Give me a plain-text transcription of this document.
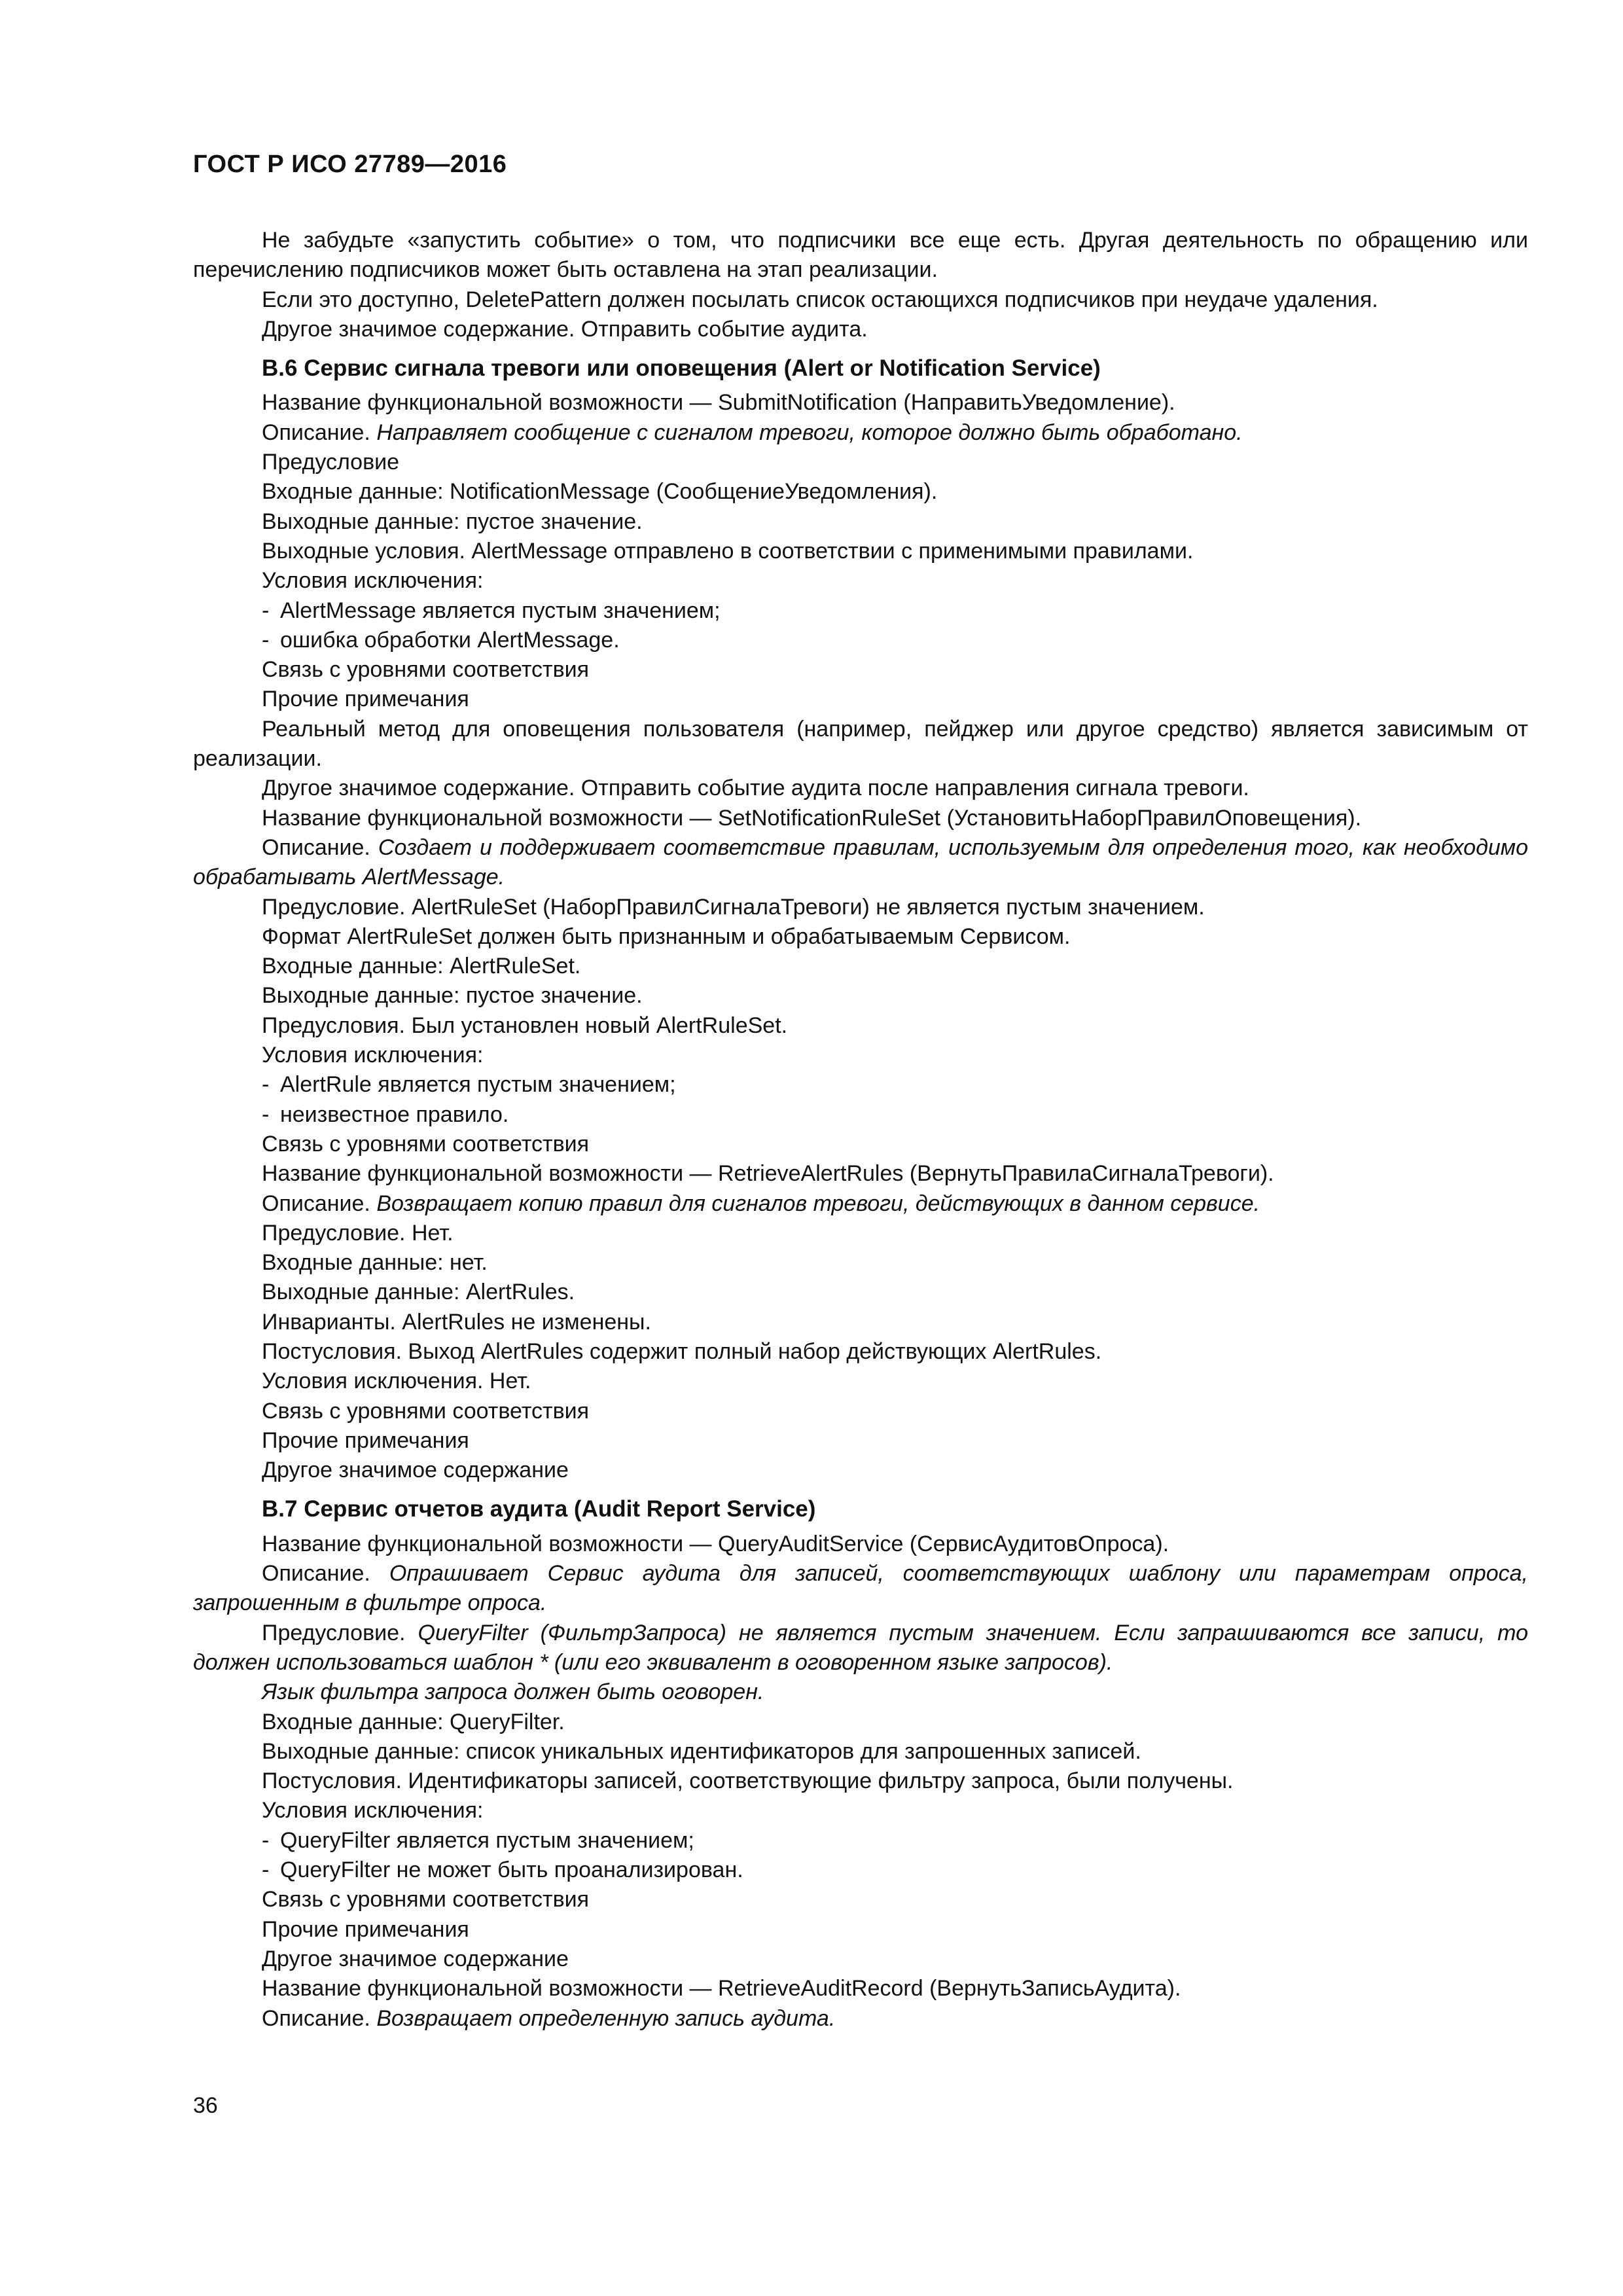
ГОСТ Р ИСО 27789—2016

Не забудьте «запустить событие» о том, что подписчики все еще есть. Другая деятельность по обращению или перечислению подписчиков может быть оставлена на этап реализации.

Если это доступно, DeletePattern должен посылать список остающихся подписчиков при неудаче удаления.

Другое значимое содержание. Отправить событие аудита.

В.6 Сервис сигнала тревоги или оповещения (Alert or Notification Service)

Название функциональной возможности — SubmitNotification (НаправитьУведомление).

Описание. Направляет сообщение с сигналом тревоги, которое должно быть обработано.

Предусловие

Входные данные: NotificationMessage (СообщениеУведомления).

Выходные данные: пустое значение.

Выходные условия. AlertMessage отправлено в соответствии с применимыми правилами.

Условия исключения:

- AlertMessage является пустым значением;
- ошибка обработки AlertMessage.

Связь с уровнями соответствия

Прочие примечания

Реальный метод для оповещения пользователя (например, пейджер или другое средство) является зависимым от реализации.

Другое значимое содержание. Отправить событие аудита после направления сигнала тревоги.

Название функциональной возможности — SetNotificationRuleSet (УстановитьНаборПравилОповещения).

Описание. Создает и поддерживает соответствие правилам, используемым для определения того, как необходимо обрабатывать AlertMessage.

Предусловие. AlertRuleSet (НаборПравилСигналаТревоги) не является пустым значением.

Формат AlertRuleSet должен быть признанным и обрабатываемым Сервисом.

Входные данные: AlertRuleSet.

Выходные данные: пустое значение.

Предусловия. Был установлен новый AlertRuleSet.

Условия исключения:

- AlertRule является пустым значением;
- неизвестное правило.

Связь с уровнями соответствия

Название функциональной возможности — RetrieveAlertRules (ВернутьПравилаСигналаТревоги).

Описание. Возвращает копию правил для сигналов тревоги, действующих в данном сервисе.

Предусловие. Нет.

Входные данные: нет.

Выходные данные: AlertRules.

Инварианты. AlertRules не изменены.

Постусловия. Выход AlertRules содержит полный набор действующих AlertRules.

Условия исключения. Нет.

Связь с уровнями соответствия

Прочие примечания

Другое значимое содержание

В.7 Сервис отчетов аудита (Audit Report Service)

Название функциональной возможности — QueryAuditService (СервисАудитовОпроса).

Описание. Опрашивает Сервис аудита для записей, соответствующих шаблону или параметрам опроса, запрошенным в фильтре опроса.

Предусловие. QueryFilter (ФильтрЗапроса) не является пустым значением. Если запрашиваются все записи, то должен использоваться шаблон * (или его эквивалент в оговоренном языке запросов).

Язык фильтра запроса должен быть оговорен.

Входные данные: QueryFilter.

Выходные данные: список уникальных идентификаторов для запрошенных записей.

Постусловия. Идентификаторы записей, соответствующие фильтру запроса, были получены.

Условия исключения:

- QueryFilter является пустым значением;
- QueryFilter не может быть проанализирован.

Связь с уровнями соответствия

Прочие примечания

Другое значимое содержание

Название функциональной возможности — RetrieveAuditRecord (ВернутьЗаписьАудита).

Описание. Возвращает определенную запись аудита.

36
